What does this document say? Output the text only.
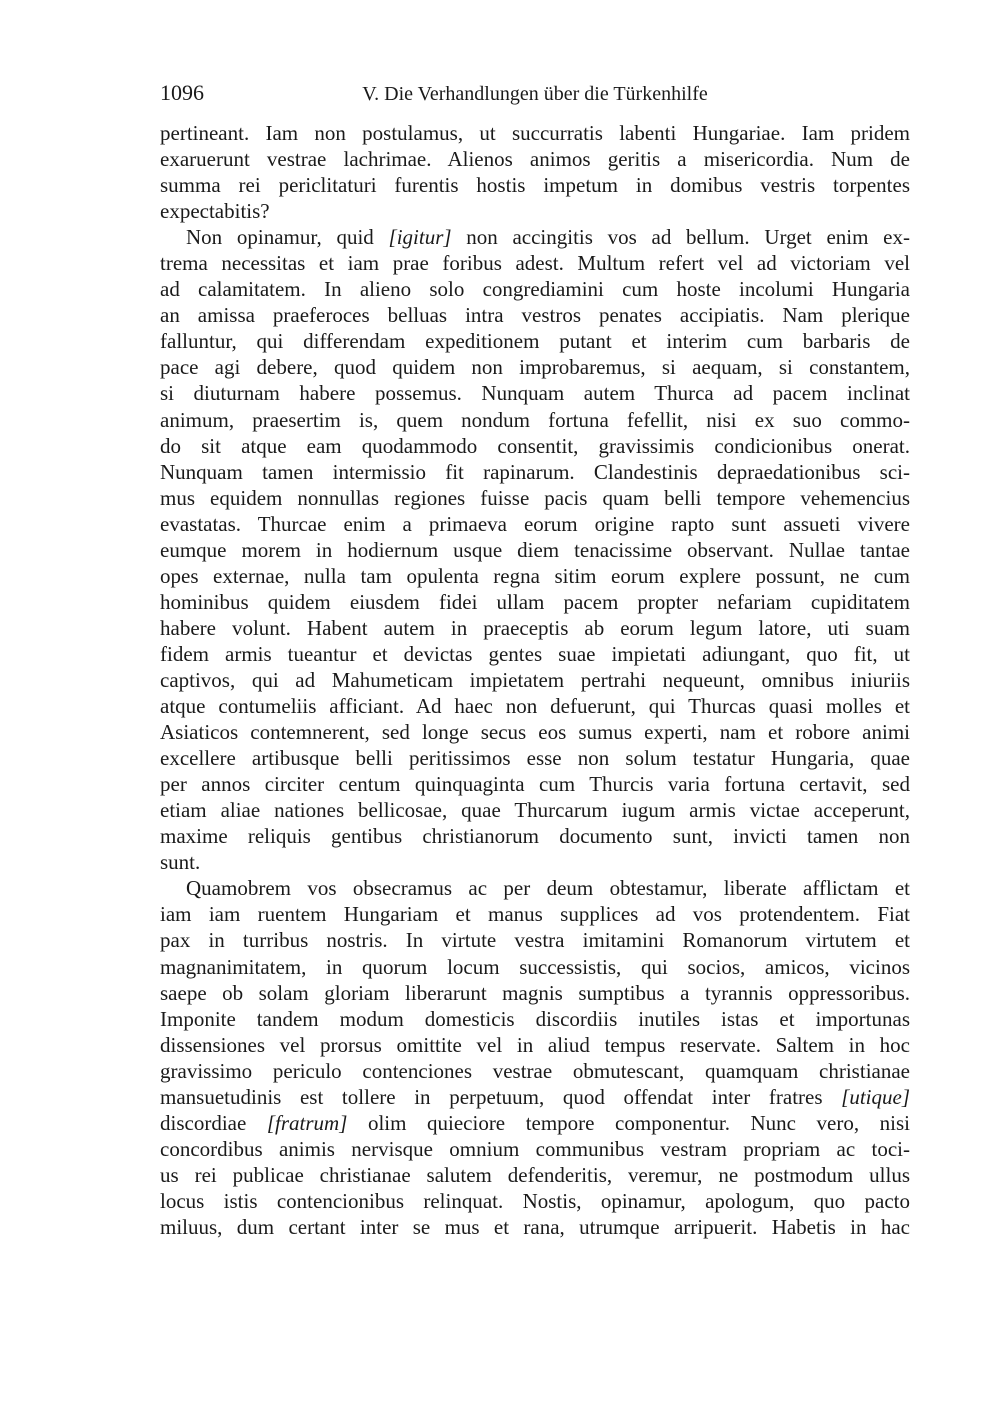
1096	V. Die Verhandlungen über die Türkenhilfe
pertineant. Iam non postulamus, ut succurratis labenti Hungariae. Iam pridem
exaruerunt vestrae lachrimae. Alienos animos geritis a misericordia. Num de
summa rei periclitaturi furentis hostis impetum in domibus vestris torpentes
expectabitis?
Non opinamur, quid [igitur] non accingitis vos ad bellum. Urget enim ex-
trema necessitas et iam prae foribus adest. Multum refert vel ad victoriam vel
ad calamitatem. In alieno solo congrediamini cum hoste incolumi Hungaria
an amissa praeferoces belluas intra vestros penates accipiatis. Nam plerique
falluntur, qui differendam expeditionem putant et interim cum barbaris de
pace agi debere, quod quidem non improbaremus, si aequam, si constantem,
si diuturnam habere possemus. Nunquam autem Thurca ad pacem inclinat
animum, praesertim is, quem nondum fortuna fefellit, nisi ex suo commo-
do sit atque eam quodammodo consentit, gravissimis condicionibus onerat.
Nunquam tamen intermissio fit rapinarum. Clandestinis depraedationibus sci-
mus equidem nonnullas regiones fuisse pacis quam belli tempore vehemencius
evastatas. Thurcae enim a primaeva eorum origine rapto sunt assueti vivere
eumque morem in hodiernum usque diem tenacissime observant. Nullae tantae
opes externae, nulla tam opulenta regna sitim eorum explere possunt, ne cum
hominibus quidem eiusdem fidei ullam pacem propter nefariam cupiditatem
habere volunt. Habent autem in praeceptis ab eorum legum latore, uti suam
fidem armis tueantur et devictas gentes suae impietati adiungant, quo fit, ut
captivos, qui ad Mahumeticam impietatem pertrahi nequeunt, omnibus iniuriis
atque contumeliis afficiant. Ad haec non defuerunt, qui Thurcas quasi molles et
Asiaticos contemnerent, sed longe secus eos sumus experti, nam et robore animi
excellere artibusque belli peritissimos esse non solum testatur Hungaria, quae
per annos circiter centum quinquaginta cum Thurcis varia fortuna certavit, sed
etiam aliae nationes bellicosae, quae Thurcarum iugum armis victae acceperunt,
maxime reliquis gentibus christianorum documento sunt, invicti tamen non
sunt.
Quamobrem vos obsecramus ac per deum obtestamur, liberate afflictam et
iam iam ruentem Hungariam et manus supplices ad vos protendentem. Fiat
pax in turribus nostris. In virtute vestra imitamini Romanorum virtutem et
magnanimitatem, in quorum locum successistis, qui socios, amicos, vicinos
saepe ob solam gloriam liberarunt magnis sumptibus a tyrannis oppressoribus.
Imponite tandem modum domesticis discordiis inutiles istas et importunas
dissensiones vel prorsus omittite vel in aliud tempus reservate. Saltem in hoc
gravissimo periculo contenciones vestrae obmutescant, quamquam christianae
mansuetudinis est tollere in perpetuum, quod offendat inter fratres [utique]
discordiae [fratrum] olim quieciore tempore componentur. Nunc vero, nisi
concordibus animis nervisque omnium communibus vestram propriam ac toci-
us rei publicae christianae salutem defenderitis, veremur, ne postmodum ullus
locus istis contencionibus relinquat. Nostis, opinamur, apologum, quo pacto
miluus, dum certant inter se mus et rana, utrumque arripuerit. Habetis in hac
